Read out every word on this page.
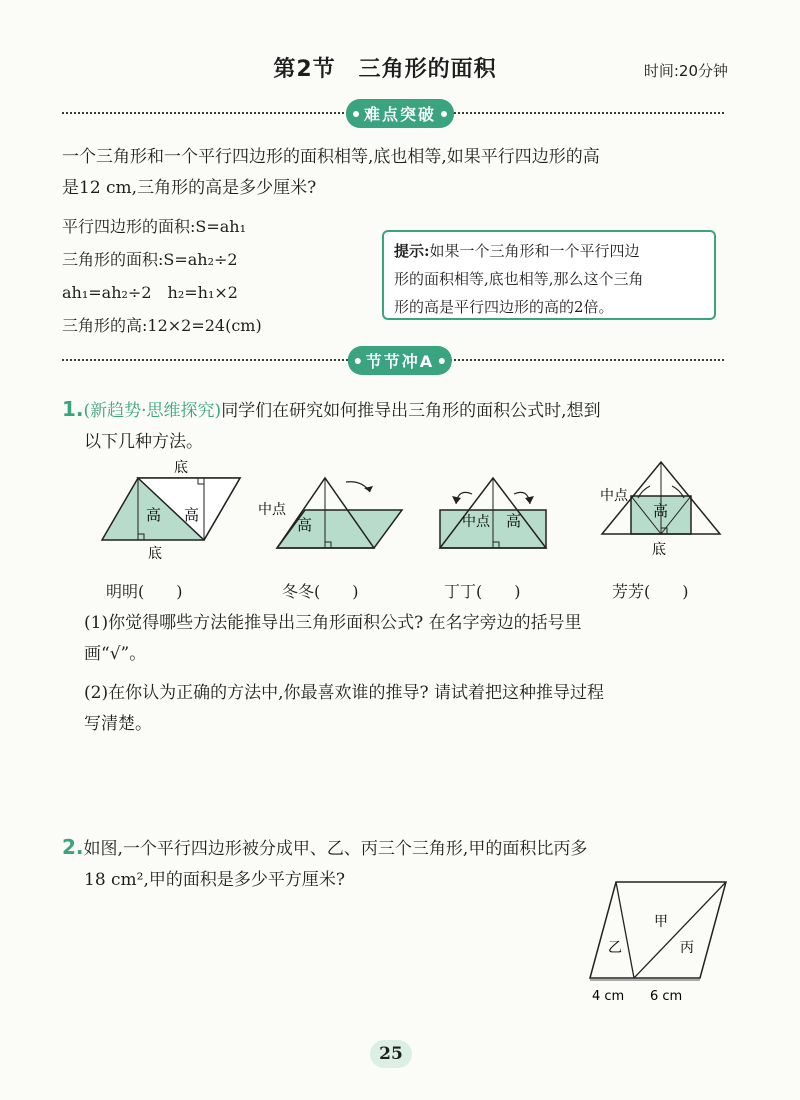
第2节　三角形的面积	时间:20分钟
难点突破
一个三角形和一个平行四边形的面积相等,底也相等,如果平行四边形的高
是12 cm,三角形的高是多少厘米?
平行四边形的面积:S=ah₁
三角形的面积:S=ah₂÷2
ah₁=ah₂÷2　h₂=h₁×2
三角形的高:12×2=24(cm)
提示:如果一个三角形和一个平行四边
形的面积相等,底也相等,那么这个三角
形的高是平行四边形的高的2倍。
节节冲A
1.(新趋势·思维探究)同学们在研究如何推导出三角形的面积公式时,想到
以下几种方法。
底
高 高
底
中点
高	中点 高
中点
高
底
明明(　　)	冬冬(　　)	丁丁(　　)	芳芳(　　)
(1)你觉得哪些方法能推导出三角形面积公式? 在名字旁边的括号里
画“√”。
(2)在你认为正确的方法中,你最喜欢谁的推导? 请试着把这种推导过程
写清楚。
2.如图,一个平行四边形被分成甲、乙、丙三个三角形,甲的面积比丙多
18 cm²,甲的面积是多少平方厘米?
乙
甲
丙
4 cm 6 cm
25
